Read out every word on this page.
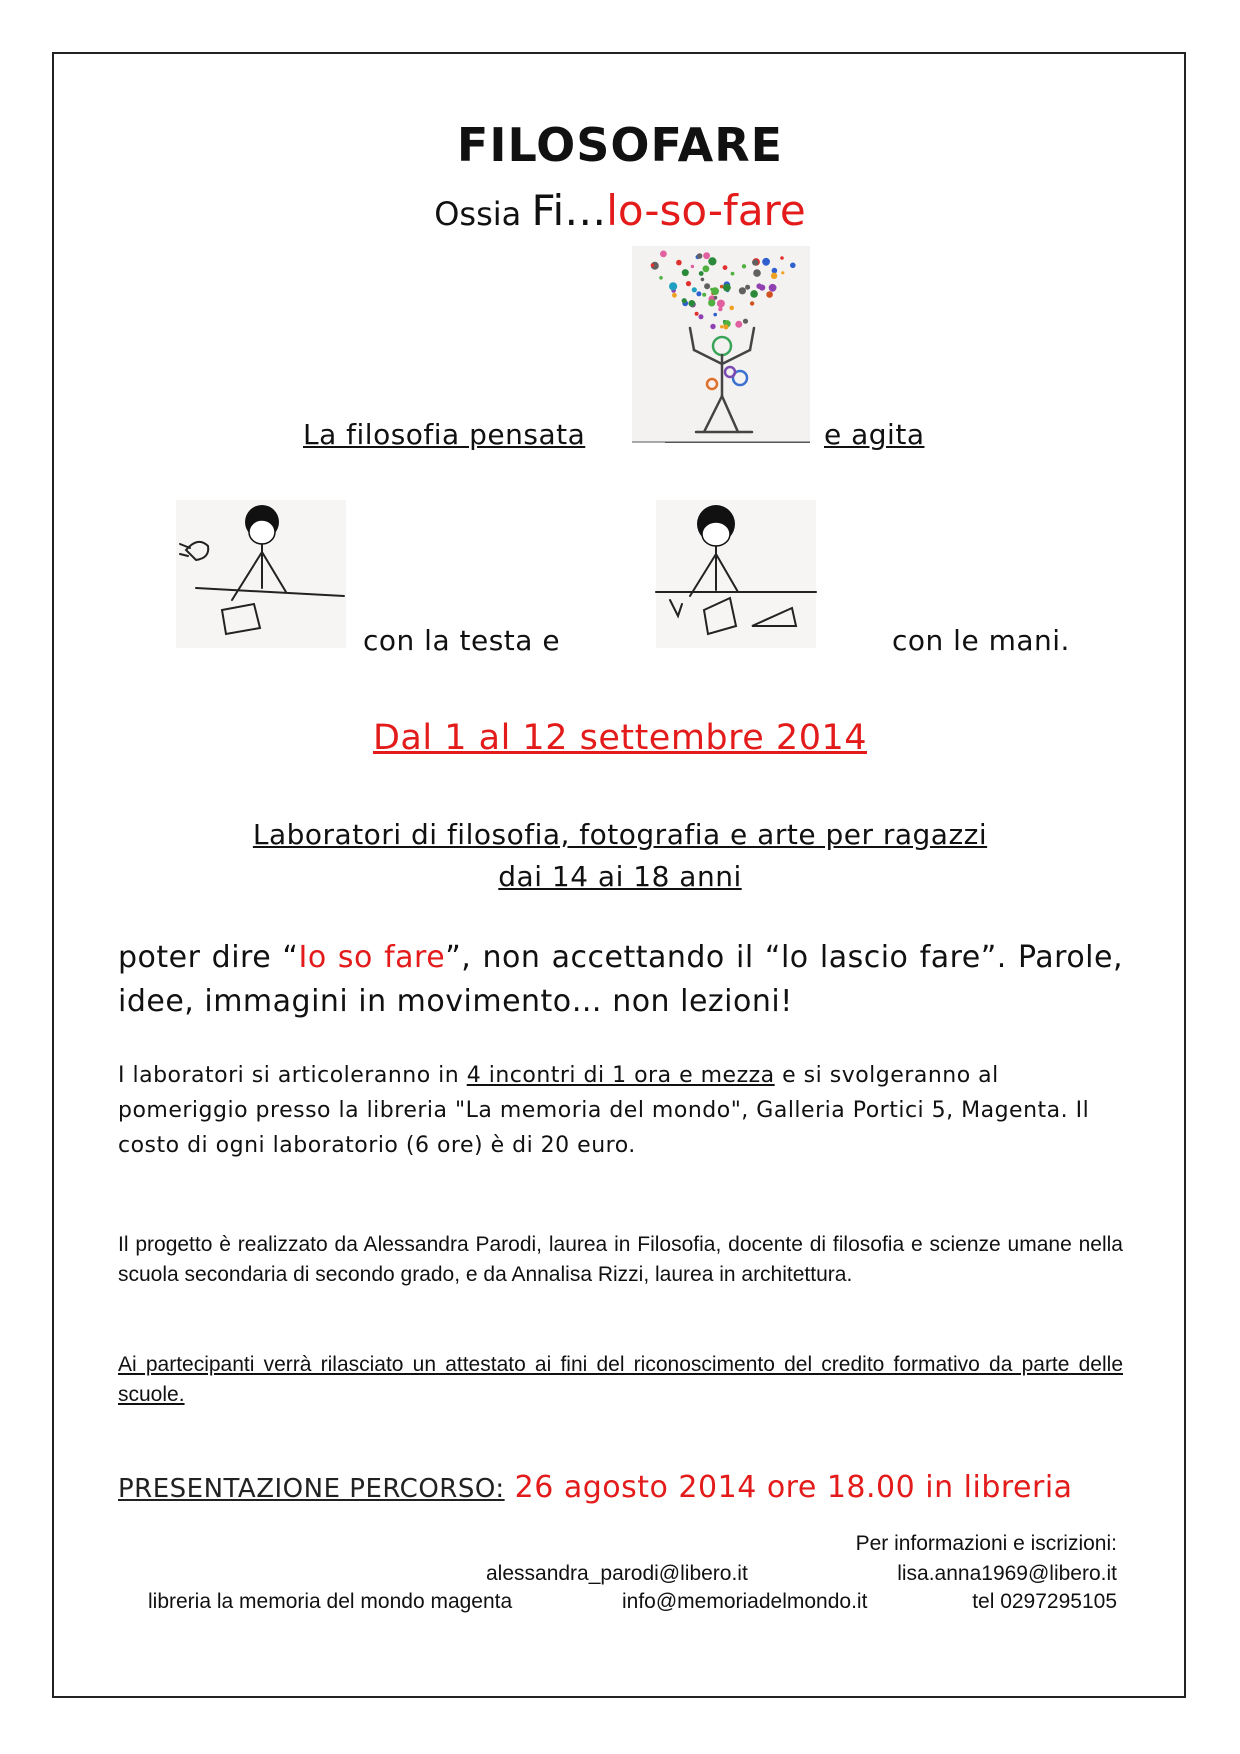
FILOSOFARE
Ossia Fi…lo-so-fare
La filosofia pensata	e agita
con la testa e	con le mani.
Dal 1 al 12 settembre 2014
Laboratori di filosofia, fotografia e arte per ragazzi
dai 14 ai 18 anni
poter dire “Io so fare”, non accettando il “lo lascio fare”. Parole, idee, immagini in movimento… non lezioni!
I laboratori si articoleranno in 4 incontri di 1 ora e mezza e si svolgeranno al pomeriggio presso la libreria "La memoria del mondo", Galleria Portici 5, Magenta. Il costo di ogni laboratorio (6 ore) è di 20 euro.
Il progetto è realizzato da Alessandra Parodi, laurea in Filosofia, docente di filosofia e scienze umane nella scuola secondaria di secondo grado, e da Annalisa Rizzi, laurea in architettura.
Ai partecipanti verrà rilasciato un attestato ai fini del riconoscimento del credito formativo da parte delle scuole.
PRESENTAZIONE PERCORSO: 26 agosto 2014 ore 18.00 in libreria
Per informazioni e iscrizioni:
alessandra_parodi@libero.it	lisa.anna1969@libero.it
libreria la memoria del mondo magenta	info@memoriadelmondo.it	tel 0297295105
